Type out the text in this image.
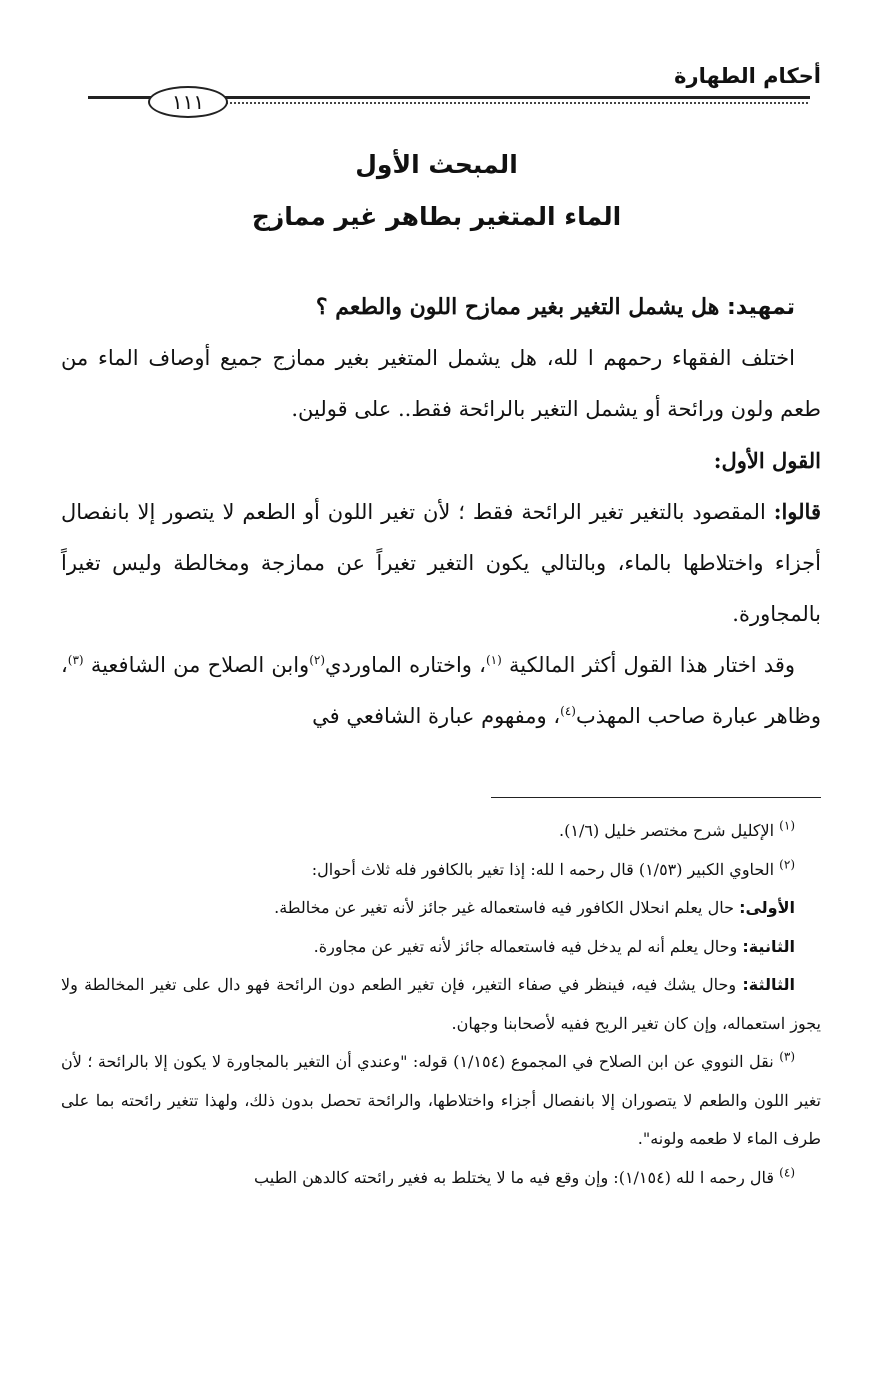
أحكام الطهارة
١١١
المبحث الأول
الماء المتغير بطاهر غير ممازج

تمهيد: هل يشمل التغير بغير ممازح اللون والطعم ؟

اختلف الفقهاء رحمهم ا لله، هل يشمل المتغير بغير ممازج جميع أوصاف الماء من طعم ولون ورائحة أو يشمل التغير بالرائحة فقط.. على قولين.

القول الأول:

قالوا: المقصود بالتغير تغير الرائحة فقط ؛ لأن تغير اللون أو الطعم لا يتصور إلا بانفصال أجزاء واختلاطها بالماء، وبالتالي يكون التغير تغيراً عن ممازجة ومخالطة وليس تغيراً بالمجاورة.

وقد اختار هذا القول أكثر المالكية $^{(١)}$، واختاره الماوردي$^{(٢)}$وابن الصلاح من الشافعية $^{(٣)}$، وظاهر عبارة صاحب المهذب$^{(٤)}$، ومفهوم عبارة الشافعي في

$^{(١)}$ الإكليل شرح مختصر خليل (١/٦).

$^{(٢)}$ الحاوي الكبير (١/٥٣) قال رحمه ا لله: إذا تغير بالكافور فله ثلاث أحوال:

الأولى: حال يعلم انحلال الكافور فيه فاستعماله غير جائز لأنه تغير عن مخالطة.

الثانية: وحال يعلم أنه لم يدخل فيه فاستعماله جائز لأنه تغير عن مجاورة.

الثالثة: وحال يشك فيه، فينظر في صفاء التغير، فإن تغير الطعم دون الرائحة فهو دال على تغير المخالطة ولا يجوز استعماله، وإن كان تغير الريح ففيه لأصحابنا وجهان.

$^{(٣)}$ نقل النووي عن ابن الصلاح في المجموع (١/١٥٤) قوله: "وعندي أن التغير بالمجاورة لا يكون إلا بالرائحة ؛ لأن تغير اللون والطعم لا يتصوران إلا بانفصال أجزاء واختلاطها، والرائحة تحصل بدون ذلك، ولهذا تتغير رائحته بما على طرف الماء لا طعمه ولونه".

$^{(٤)}$ قال رحمه ا لله (١/١٥٤): وإن وقع فيه ما لا يختلط به فغير رائحته كالدهن الطيب
